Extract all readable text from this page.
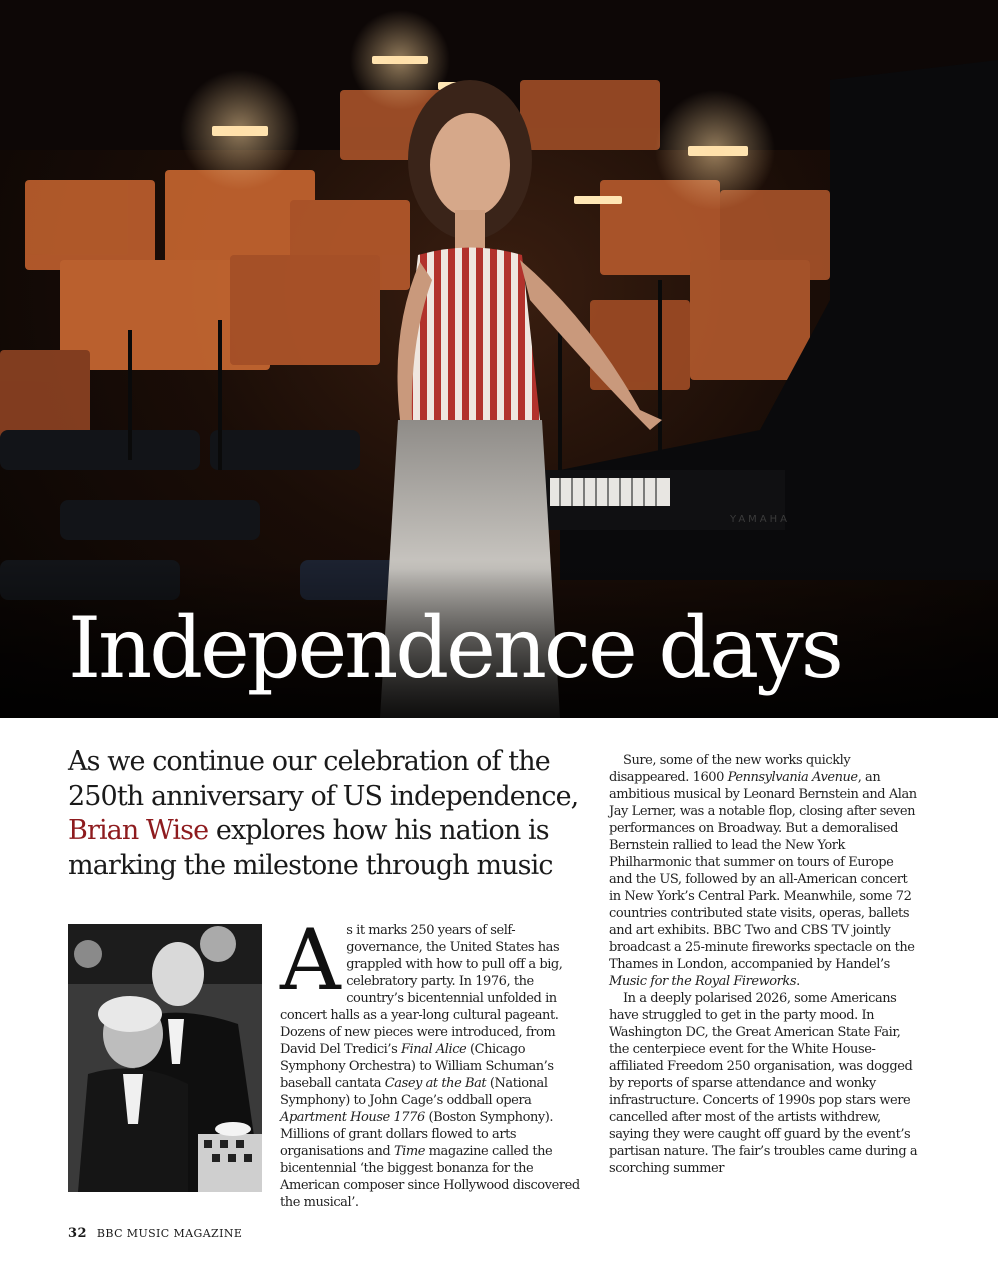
YAMAHA
Independence days
As we continue our celebration of the 250th anniversary of US independence, Brian Wise explores how his nation is marking the milestone through music

As it marks 250 years of self-governance, the United States has grappled with how to pull off a big, celebratory party. In 1976, the country’s bicentennial unfolded in concert halls as a year-long cultural pageant. Dozens of new pieces were introduced, from David Del Tredici’s Final Alice (Chicago Symphony Orchestra) to William Schuman’s baseball cantata Casey at the Bat (National Symphony) to John Cage’s oddball opera Apartment House 1776 (Boston Symphony). Millions of grant dollars flowed to arts organisations and Time magazine called the bicentennial ‘the biggest bonanza for the American composer since Hollywood discovered the musical’.

Sure, some of the new works quickly disappeared. 1600 Pennsylvania Avenue, an ambitious musical by Leonard Bernstein and Alan Jay Lerner, was a notable flop, closing after seven performances on Broadway. But a demoralised Bernstein rallied to lead the New York Philharmonic that summer on tours of Europe and the US, followed by an all-American concert in New York’s Central Park. Meanwhile, some 72 countries contributed state visits, operas, ballets and art exhibits. BBC Two and CBS TV jointly broadcast a 25-minute fireworks spectacle on the Thames in London, accompanied by Handel’s Music for the Royal Fireworks.

In a deeply polarised 2026, some Americans have struggled to get in the party mood. In Washington DC, the Great American State Fair, the centerpiece event for the White House-affiliated Freedom 250 organisation, was dogged by reports of sparse attendance and wonky infrastructure. Concerts of 1990s pop stars were cancelled after most of the artists withdrew, saying they were caught off guard by the event’s partisan nature. The fair’s troubles came during a scorching summer

32 BBC MUSIC MAGAZINE
